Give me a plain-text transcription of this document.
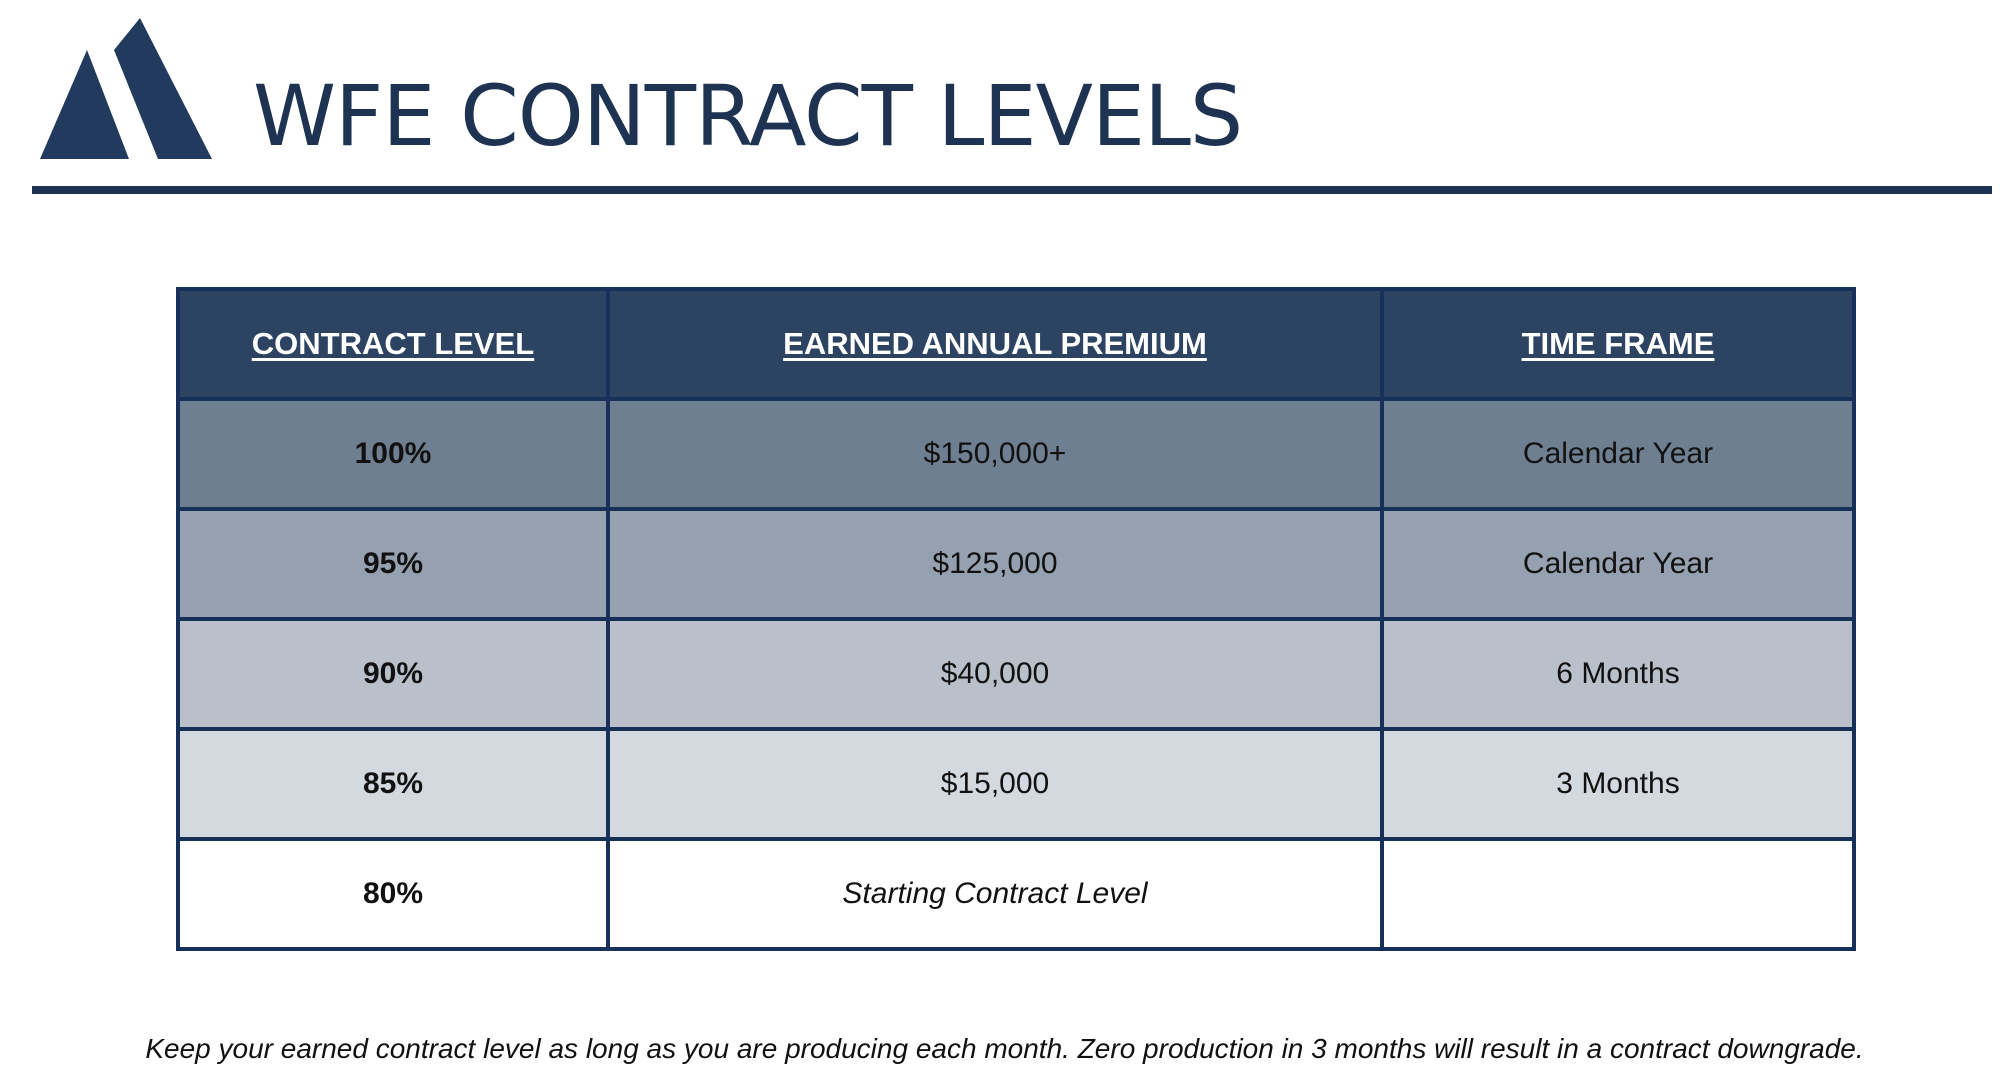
WFE CONTRACT LEVELS
CONTRACT LEVEL	EARNED ANNUAL PREMIUM	TIME FRAME
100%	$150,000+	Calendar Year
95%	$125,000	Calendar Year
90%	$40,000	6 Months
85%	$15,000	3 Months
80%	Starting Contract Level	
Keep your earned contract level as long as you are producing each month. Zero production in 3 months will result in a contract downgrade.
